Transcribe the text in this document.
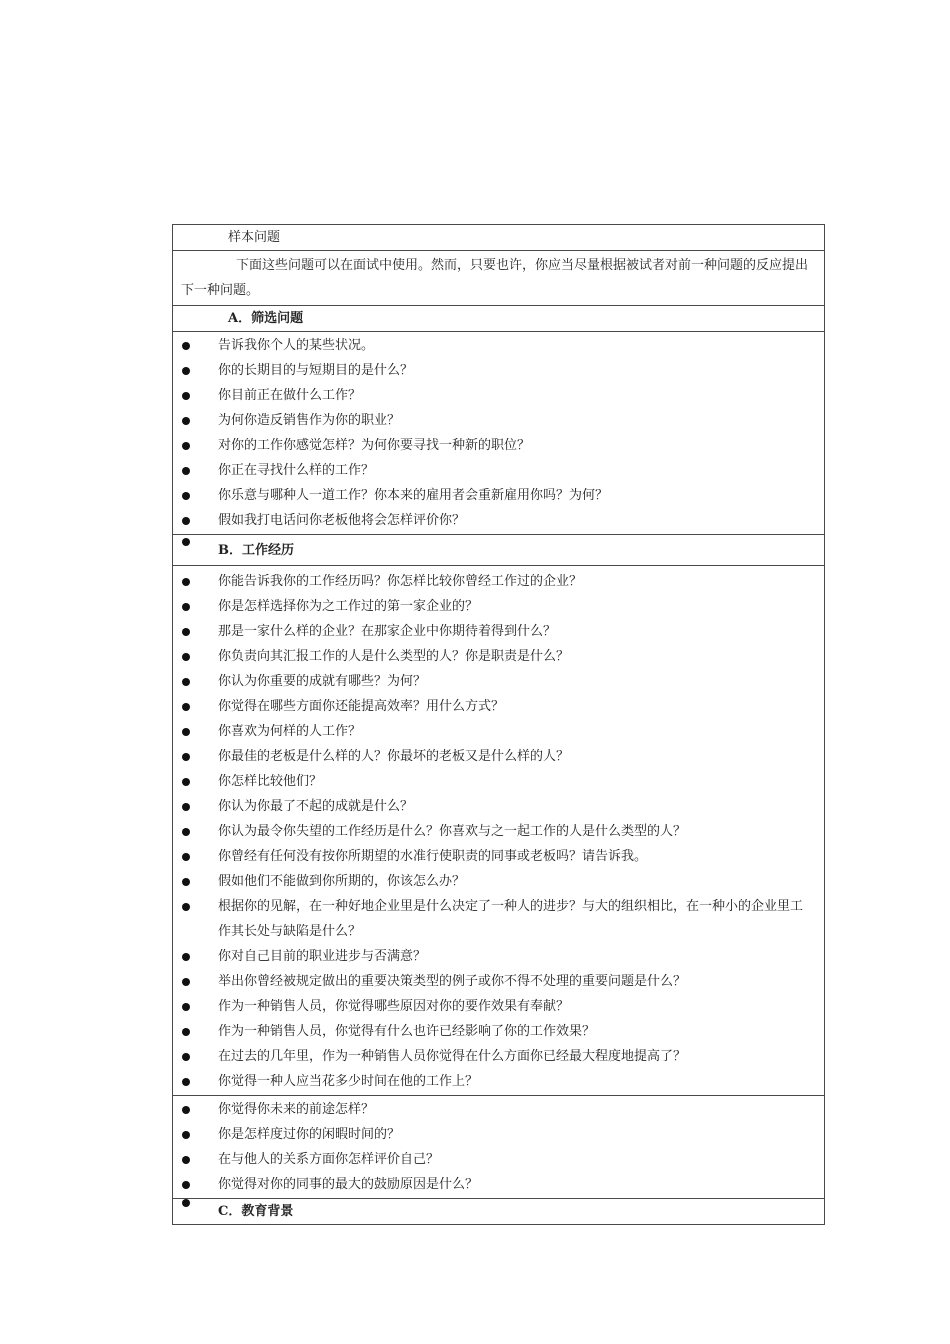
样本问题
下面这些问题可以在面试中使用。然而，只要也许，你应当尽量根据被试者对前一种问题的反应提出下一种问题。
A．筛选问题
告诉我你个人的某些状况。
你的长期目的与短期目的是什么？
你目前正在做什么工作？
为何你造反销售作为你的职业？
对你的工作你感觉怎样？为何你要寻找一种新的职位？
你正在寻找什么样的工作？
你乐意与哪种人一道工作？你本来的雇用者会重新雇用你吗？为何？
假如我打电话问你老板他将会怎样评价你？
B．工作经历
你能告诉我你的工作经历吗？你怎样比较你曾经工作过的企业？
你是怎样选择你为之工作过的第一家企业的？
那是一家什么样的企业？在那家企业中你期待着得到什么？
你负责向其汇报工作的人是什么类型的人？你是职责是什么？
你认为你重要的成就有哪些？为何？
你觉得在哪些方面你还能提高效率？用什么方式？
你喜欢为何样的人工作？
你最佳的老板是什么样的人？你最坏的老板又是什么样的人？
你怎样比较他们？
你认为你最了不起的成就是什么？
你认为最令你失望的工作经历是什么？你喜欢与之一起工作的人是什么类型的人？
你曾经有任何没有按你所期望的水准行使职责的同事或老板吗？请告诉我。
假如他们不能做到你所期的，你该怎么办？
根据你的见解，在一种好地企业里是什么决定了一种人的进步？与大的组织相比，在一种小的企业里工作其长处与缺陷是什么？
你对自己目前的职业进步与否满意？
举出你曾经被规定做出的重要决策类型的例子或你不得不处理的重要问题是什么？
作为一种销售人员，你觉得哪些原因对你的要作效果有奉献？
作为一种销售人员，你觉得有什么也许已经影响了你的工作效果？
在过去的几年里，作为一种销售人员你觉得在什么方面你已经最大程度地提高了？
你觉得一种人应当花多少时间在他的工作上？
你觉得你未来的前途怎样？
你是怎样度过你的闲暇时间的？
在与他人的关系方面你怎样评价自己？
你觉得对你的同事的最大的鼓励原因是什么？
C．教育背景
